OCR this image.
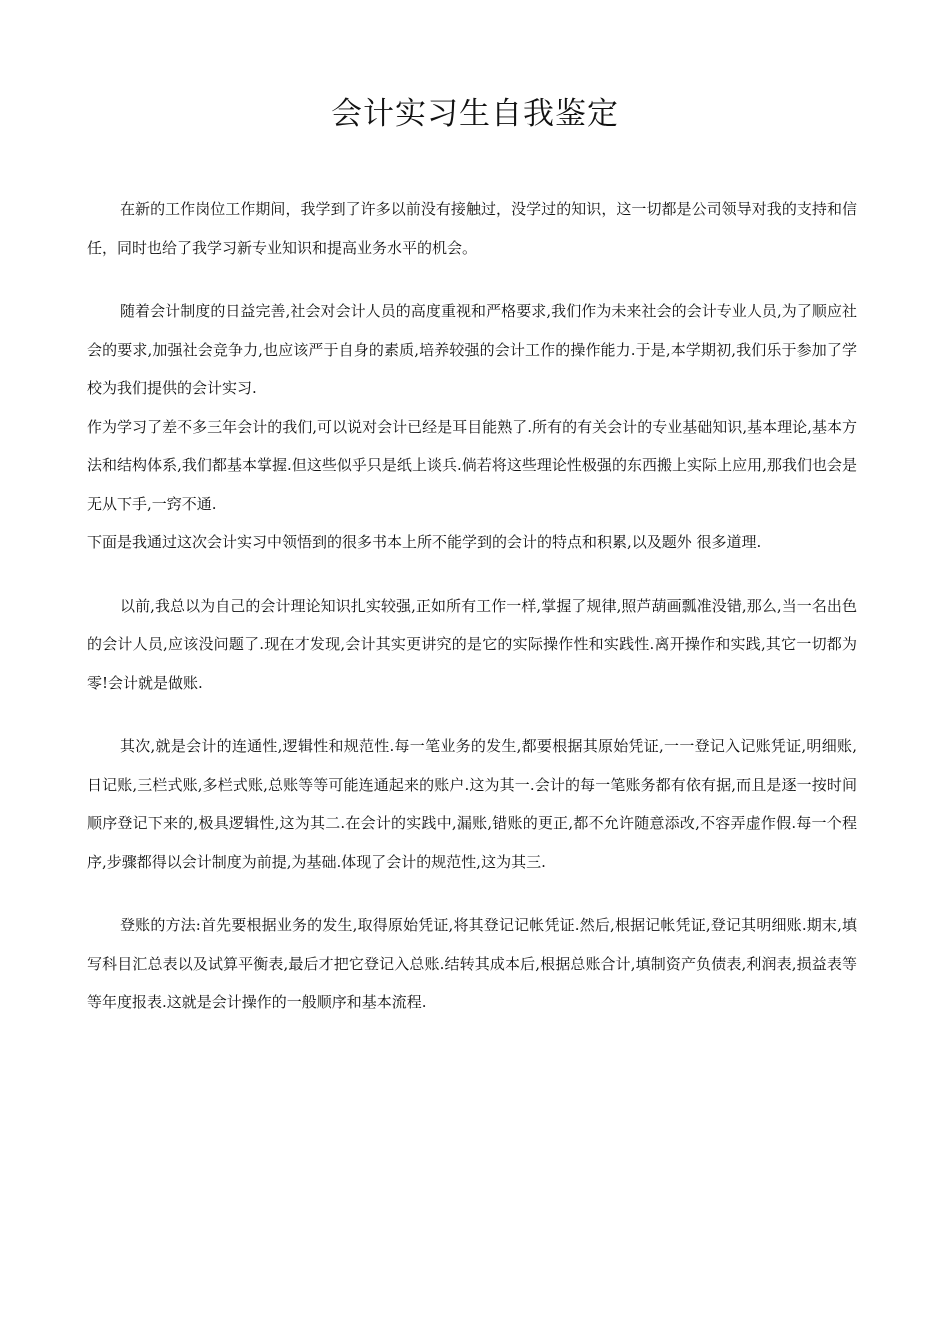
会计实习生自我鉴定

在新的工作岗位工作期间，我学到了许多以前没有接触过，没学过的知识，这一切都是公司领导对我的支持和信任，同时也给了我学习新专业知识和提高业务水平的机会。

随着会计制度的日益完善,社会对会计人员的高度重视和严格要求,我们作为未来社会的会计专业人员,为了顺应社会的要求,加强社会竞争力,也应该严于自身的素质,培养较强的会计工作的操作能力.于是,本学期初,我们乐于参加了学校为我们提供的会计实习.

作为学习了差不多三年会计的我们,可以说对会计已经是耳目能熟了.所有的有关会计的专业基础知识,基本理论,基本方法和结构体系,我们都基本掌握.但这些似乎只是纸上谈兵.倘若将这些理论性极强的东西搬上实际上应用,那我们也会是无从下手,一窍不通.

下面是我通过这次会计实习中领悟到的很多书本上所不能学到的会计的特点和积累,以及题外 很多道理.

以前,我总以为自己的会计理论知识扎实较强,正如所有工作一样,掌握了规律,照芦葫画瓢准没错,那么,当一名出色的会计人员,应该没问题了.现在才发现,会计其实更讲究的是它的实际操作性和实践性.离开操作和实践,其它一切都为零!会计就是做账.

其次,就是会计的连通性,逻辑性和规范性.每一笔业务的发生,都要根据其原始凭证,一一登记入记账凭证,明细账,日记账,三栏式账,多栏式账,总账等等可能连通起来的账户.这为其一.会计的每一笔账务都有依有据,而且是逐一按时间顺序登记下来的,极具逻辑性,这为其二.在会计的实践中,漏账,错账的更正,都不允许随意添改,不容弄虚作假.每一个程序,步骤都得以会计制度为前提,为基础.体现了会计的规范性,这为其三.

登账的方法:首先要根据业务的发生,取得原始凭证,将其登记记帐凭证.然后,根据记帐凭证,登记其明细账.期末,填写科目汇总表以及试算平衡表,最后才把它登记入总账.结转其成本后,根据总账合计,填制资产负债表,利润表,损益表等等年度报表.这就是会计操作的一般顺序和基本流程.
